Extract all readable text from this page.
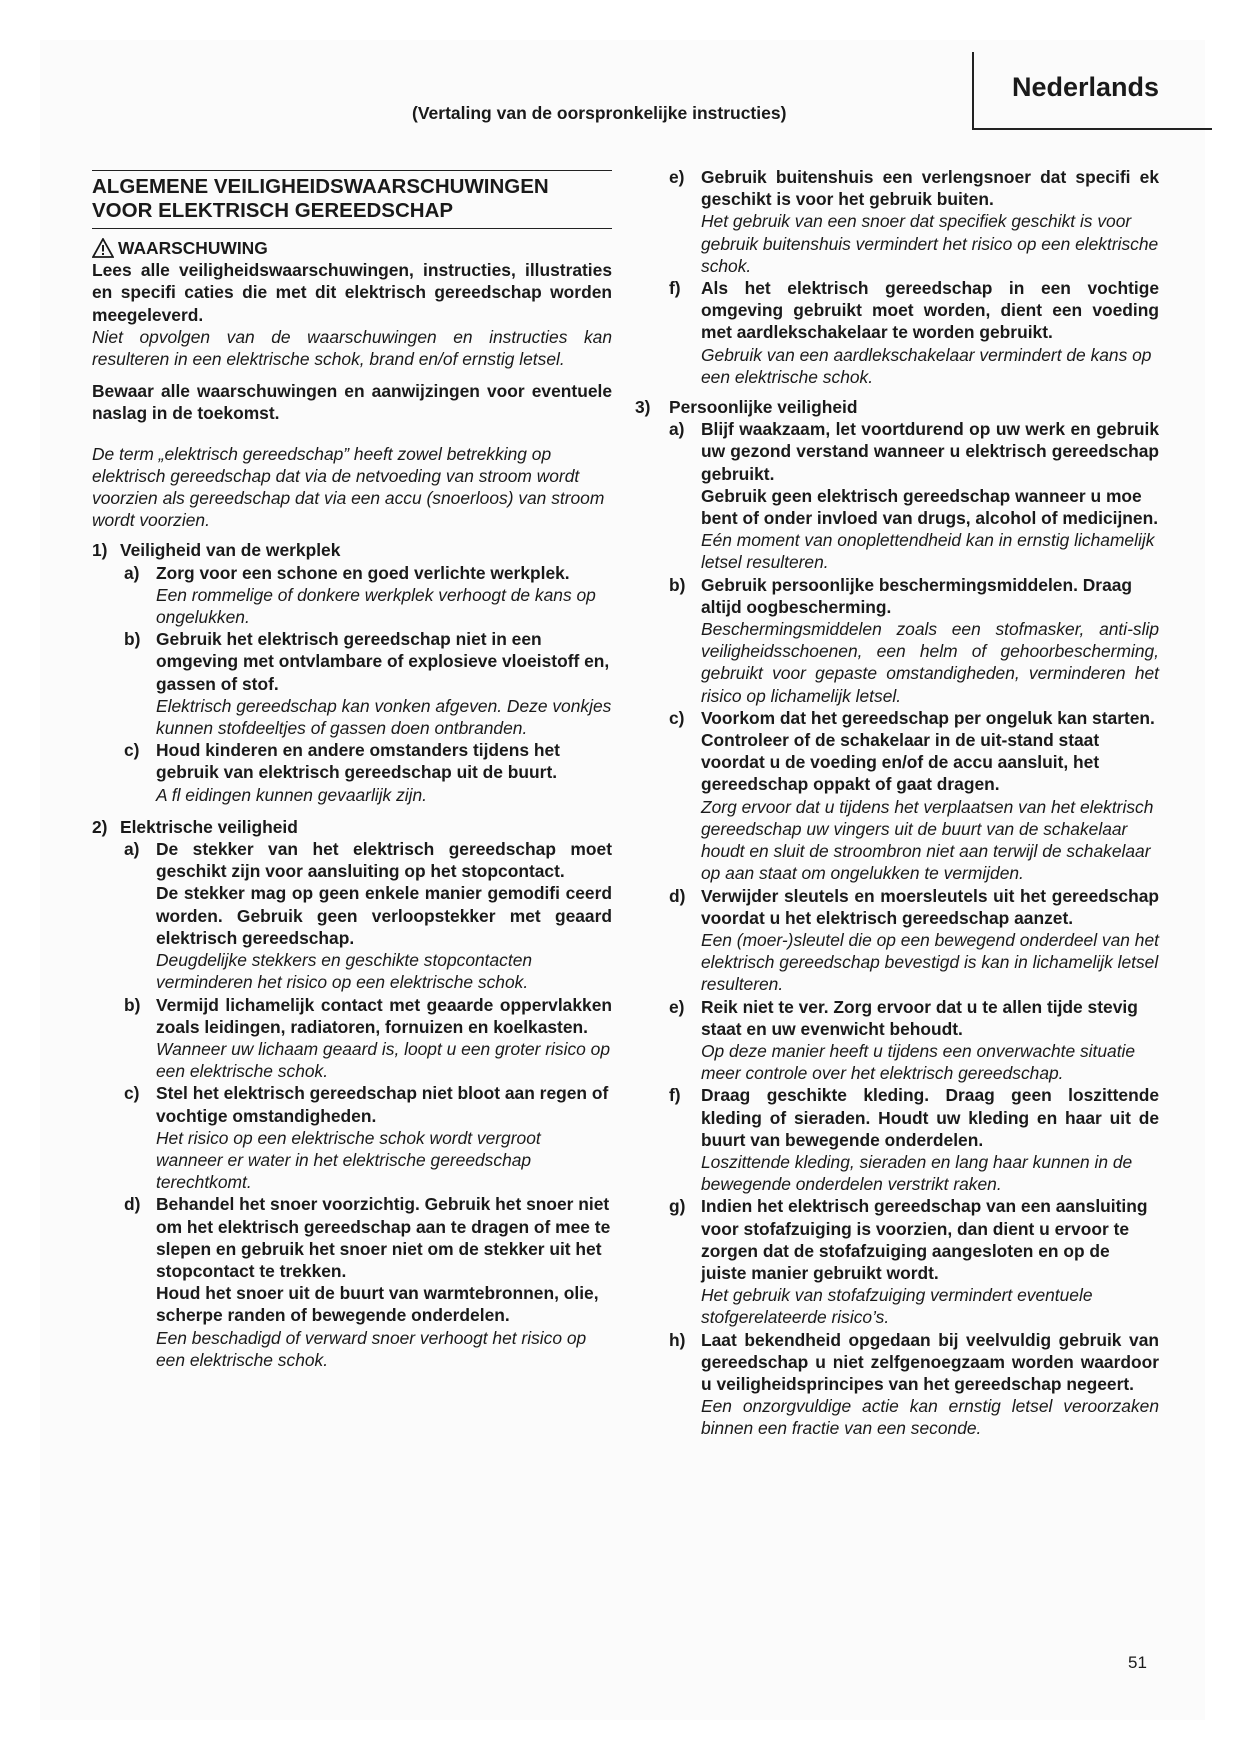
Nederlands
(Vertaling van de oorspronkelijke instructies)
ALGEMENE VEILIGHEIDSWAARSCHUWINGEN VOOR ELEKTRISCH GEREEDSCHAP
WAARSCHUWING

Lees alle veiligheidswaarschuwingen, instructies, illustraties en specifi caties die met dit elektrisch gereedschap worden meegeleverd.

Niet opvolgen van de waarschuwingen en instructies kan resulteren in een elektrische schok, brand en/of ernstig letsel.

Bewaar alle waarschuwingen en aanwijzingen voor eventuele naslag in de toekomst.

De term „elektrisch gereedschap” heeft zowel betrekking op elektrisch gereedschap dat via de netvoeding van stroom wordt voorzien als gereedschap dat via een accu (snoerloos) van stroom wordt voorzien.

1) Veiligheid van de werkplek
a) Zorg voor een schone en goed verlichte werkplek.

Een rommelige of donkere werkplek verhoogt de kans op ongelukken.

b) Gebruik het elektrisch gereedschap niet in een omgeving met ontvlambare of explosieve vloeistoff en, gassen of stof.

Elektrisch gereedschap kan vonken afgeven. Deze vonkjes kunnen stofdeeltjes of gassen doen ontbranden.

c) Houd kinderen en andere omstanders tijdens het gebruik van elektrisch gereedschap uit de buurt.

A fl eidingen kunnen gevaarlijk zijn.

2) Elektrische veiligheid
a) De stekker van het elektrisch gereedschap moet geschikt zijn voor aansluiting op het stopcontact.

De stekker mag op geen enkele manier gemodifi ceerd worden. Gebruik geen verloopstekker met geaard elektrisch gereedschap.

Deugdelijke stekkers en geschikte stopcontacten verminderen het risico op een elektrische schok.

b) Vermijd lichamelijk contact met geaarde oppervlakken zoals leidingen, radiatoren, fornuizen en koelkasten.

Wanneer uw lichaam geaard is, loopt u een groter risico op een elektrische schok.

c) Stel het elektrisch gereedschap niet bloot aan regen of vochtige omstandigheden.

Het risico op een elektrische schok wordt vergroot wanneer er water in het elektrische gereedschap terechtkomt.

d) Behandel het snoer voorzichtig. Gebruik het snoer niet om het elektrisch gereedschap aan te dragen of mee te slepen en gebruik het snoer niet om de stekker uit het stopcontact te trekken.

Houd het snoer uit de buurt van warmtebronnen, olie, scherpe randen of bewegende onderdelen.

Een beschadigd of verward snoer verhoogt het risico op een elektrische schok.

e) Gebruik buitenshuis een verlengsnoer dat specifi ek geschikt is voor het gebruik buiten.

Het gebruik van een snoer dat specifiek geschikt is voor gebruik buitenshuis vermindert het risico op een elektrische schok.

f)	Als het elektrisch gereedschap in een vochtige omgeving gebruikt moet worden, dient een voeding met aardlekschakelaar te worden gebruikt.

Gebruik van een aardlekschakelaar vermindert de kans op een elektrische schok.

3)	Persoonlijke veiligheid
a) Blijf waakzaam, let voortdurend op uw werk en gebruik uw gezond verstand wanneer u elektrisch gereedschap gebruikt.

Gebruik geen elektrisch gereedschap wanneer u moe bent of onder invloed van drugs, alcohol of medicijnen.

Eén moment van onoplettendheid kan in ernstig lichamelijk letsel resulteren.

b) Gebruik persoonlijke beschermingsmiddelen. Draag altijd oogbescherming.

Beschermingsmiddelen zoals een stofmasker, anti-slip veiligheidsschoenen, een helm of gehoorbescherming, gebruikt voor gepaste omstandigheden, verminderen het risico op lichamelijk letsel.

c) Voorkom dat het gereedschap per ongeluk kan starten. Controleer of de schakelaar in de uit-stand staat voordat u de voeding en/of de accu aansluit, het gereedschap oppakt of gaat dragen.

Zorg ervoor dat u tijdens het verplaatsen van het elektrisch gereedschap uw vingers uit de buurt van de schakelaar houdt en sluit de stroombron niet aan terwijl de schakelaar op aan staat om ongelukken te vermijden.

d) Verwijder sleutels en moersleutels uit het gereedschap voordat u het elektrisch gereedschap aanzet.

Een (moer-)sleutel die op een bewegend onderdeel van het elektrisch gereedschap bevestigd is kan in lichamelijk letsel resulteren.

e) Reik niet te ver. Zorg ervoor dat u te allen tijde stevig staat en uw evenwicht behoudt.

Op deze manier heeft u tijdens een onverwachte situatie meer controle over het elektrisch gereedschap.

f)	Draag geschikte kleding. Draag geen loszittende kleding of sieraden. Houdt uw kleding en haar uit de buurt van bewegende onderdelen.

Loszittende kleding, sieraden en lang haar kunnen in de bewegende onderdelen verstrikt raken.

g) Indien het elektrisch gereedschap van een aansluiting voor stofafzuiging is voorzien, dan dient u ervoor te zorgen dat de stofafzuiging aangesloten en op de juiste manier gebruikt wordt.

Het gebruik van stofafzuiging vermindert eventuele stofgerelateerde risico’s.

h) Laat bekendheid opgedaan bij veelvuldig gebruik van gereedschap u niet zelfgenoegzaam worden waardoor u veiligheidsprincipes van het gereedschap negeert.

Een onzorgvuldige actie kan ernstig letsel veroorzaken binnen een fractie van een seconde.

51
